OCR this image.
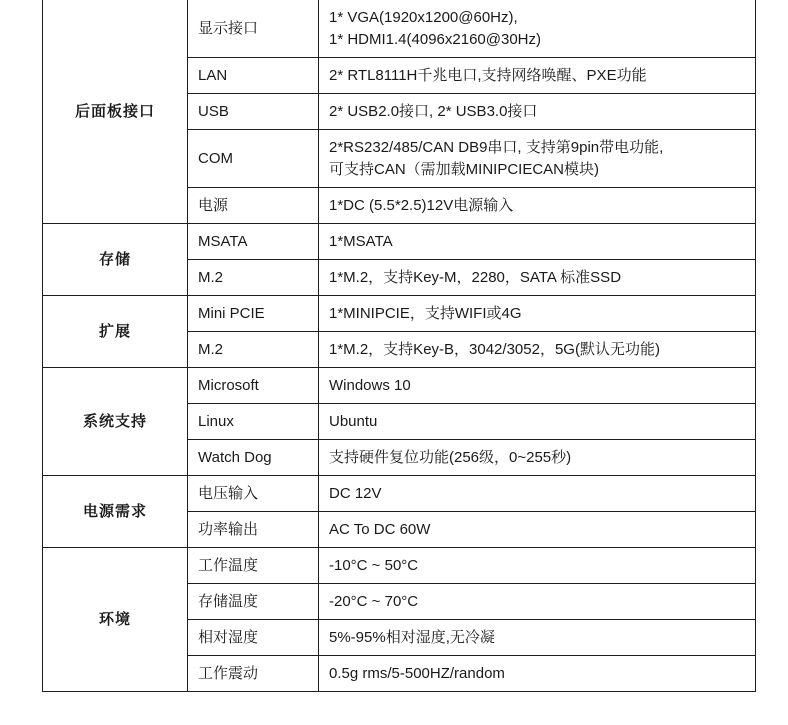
后面板接口	显示接口	1* VGA(1920x1200@60Hz),
1* HDMI1.4(4096x2160@30Hz)

	LAN	2* RTL8111H千兆电口,支持网络唤醒、PXE功能

	USB	2* USB2.0接口, 2* USB3.0接口

	COM	2*RS232/485/CAN DB9串口, 支持第9pin带电功能,
可支持CAN（需加载MINIPCIECAN模块)

	电源	1*DC (5.5*2.5)12V电源输入

存储	MSATA	1*MSATA

	M.2	1*M.2，支持Key-M，2280，SATA 标准SSD

扩展	Mini PCIE	1*MINIPCIE，支持WIFI或4G

	M.2	1*M.2，支持Key-B，3042/3052，5G(默认无功能)

系统支持	Microsoft	Windows 10

	Linux	Ubuntu

	Watch Dog	支持硬件复位功能(256级，0~255秒)

电源需求	电压输入	DC 12V

	功率输出	AC To DC 60W

环境	工作温度	-10°C ~ 50°C

	存储温度	-20°C ~ 70°C

	相对湿度	5%-95%相对湿度,无冷凝

	工作震动	0.5g rms/5-500HZ/random
